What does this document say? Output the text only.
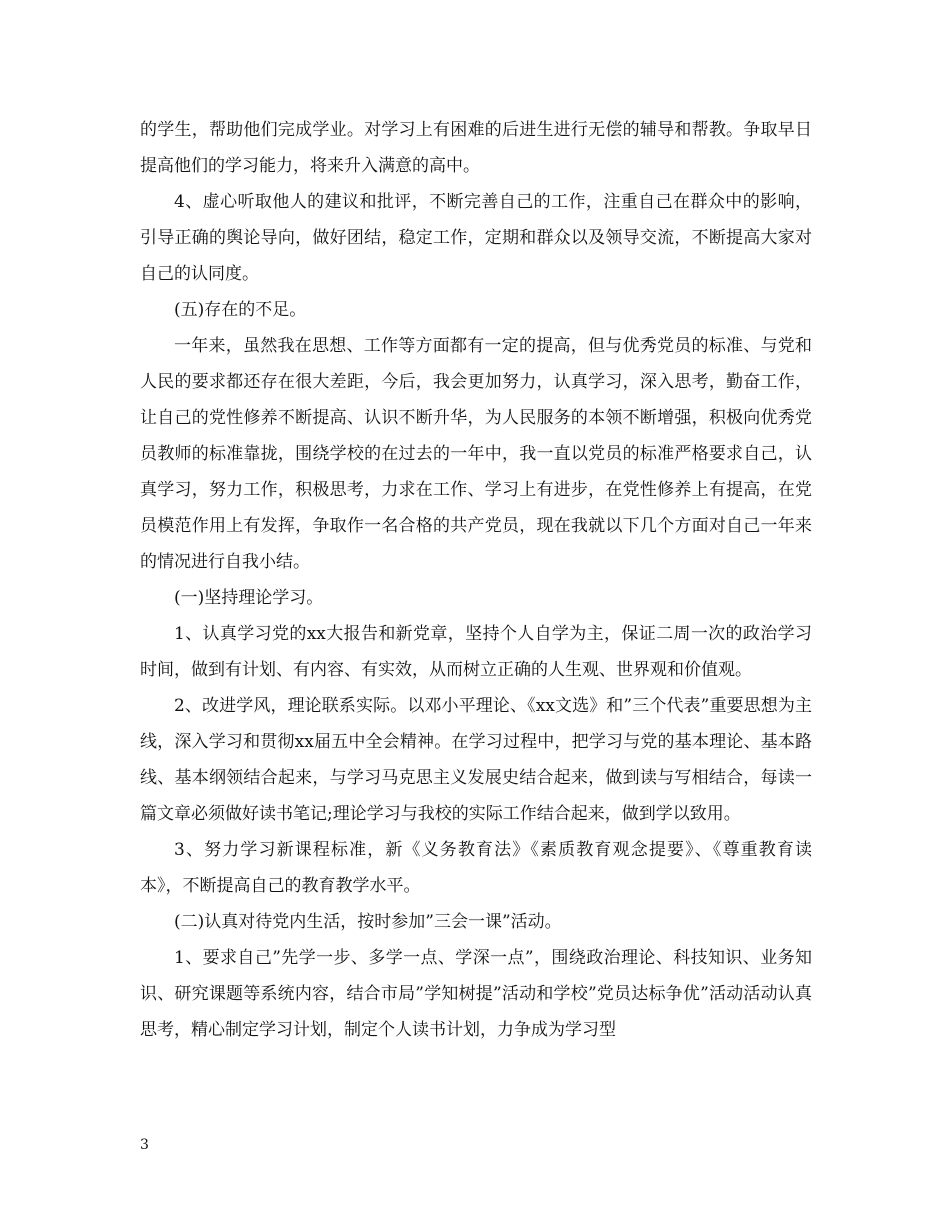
的学生，帮助他们完成学业。对学习上有困难的后进生进行无偿的辅导和帮教。争取早日提高他们的学习能力，将来升入满意的高中。

4、虚心听取他人的建议和批评，不断完善自己的工作，注重自己在群众中的影响，引导正确的舆论导向，做好团结，稳定工作，定期和群众以及领导交流，不断提高大家对自己的认同度。

(五)存在的不足。

一年来，虽然我在思想、工作等方面都有一定的提高，但与优秀党员的标准、与党和人民的要求都还存在很大差距，今后，我会更加努力，认真学习，深入思考，勤奋工作，让自己的党性修养不断提高、认识不断升华，为人民服务的本领不断增强，积极向优秀党员教师的标准靠拢，围绕学校的在过去的一年中，我一直以党员的标准严格要求自己，认真学习，努力工作，积极思考，力求在工作、学习上有进步，在党性修养上有提高，在党员模范作用上有发挥，争取作一名合格的共产党员，现在我就以下几个方面对自己一年来的情况进行自我小结。

(一)坚持理论学习。

1、认真学习党的xx大报告和新党章，坚持个人自学为主，保证二周一次的政治学习时间，做到有计划、有内容、有实效，从而树立正确的人生观、世界观和价值观。

2、改进学风，理论联系实际。以邓小平理论、《xx文选》和”三个代表”重要思想为主线，深入学习和贯彻xx届五中全会精神。在学习过程中，把学习与党的基本理论、基本路线、基本纲领结合起来，与学习马克思主义发展史结合起来，做到读与写相结合，每读一篇文章必须做好读书笔记;理论学习与我校的实际工作结合起来，做到学以致用。

3、努力学习新课程标准，新《义务教育法》《素质教育观念提要》、《尊重教育读本》，不断提高自己的教育教学水平。

(二)认真对待党内生活，按时参加”三会一课”活动。

1、要求自己”先学一步、多学一点、学深一点”，围绕政治理论、科技知识、业务知识、研究课题等系统内容，结合市局”学知树提”活动和学校”党员达标争优”活动活动认真思考，精心制定学习计划，制定个人读书计划，力争成为学习型

3
